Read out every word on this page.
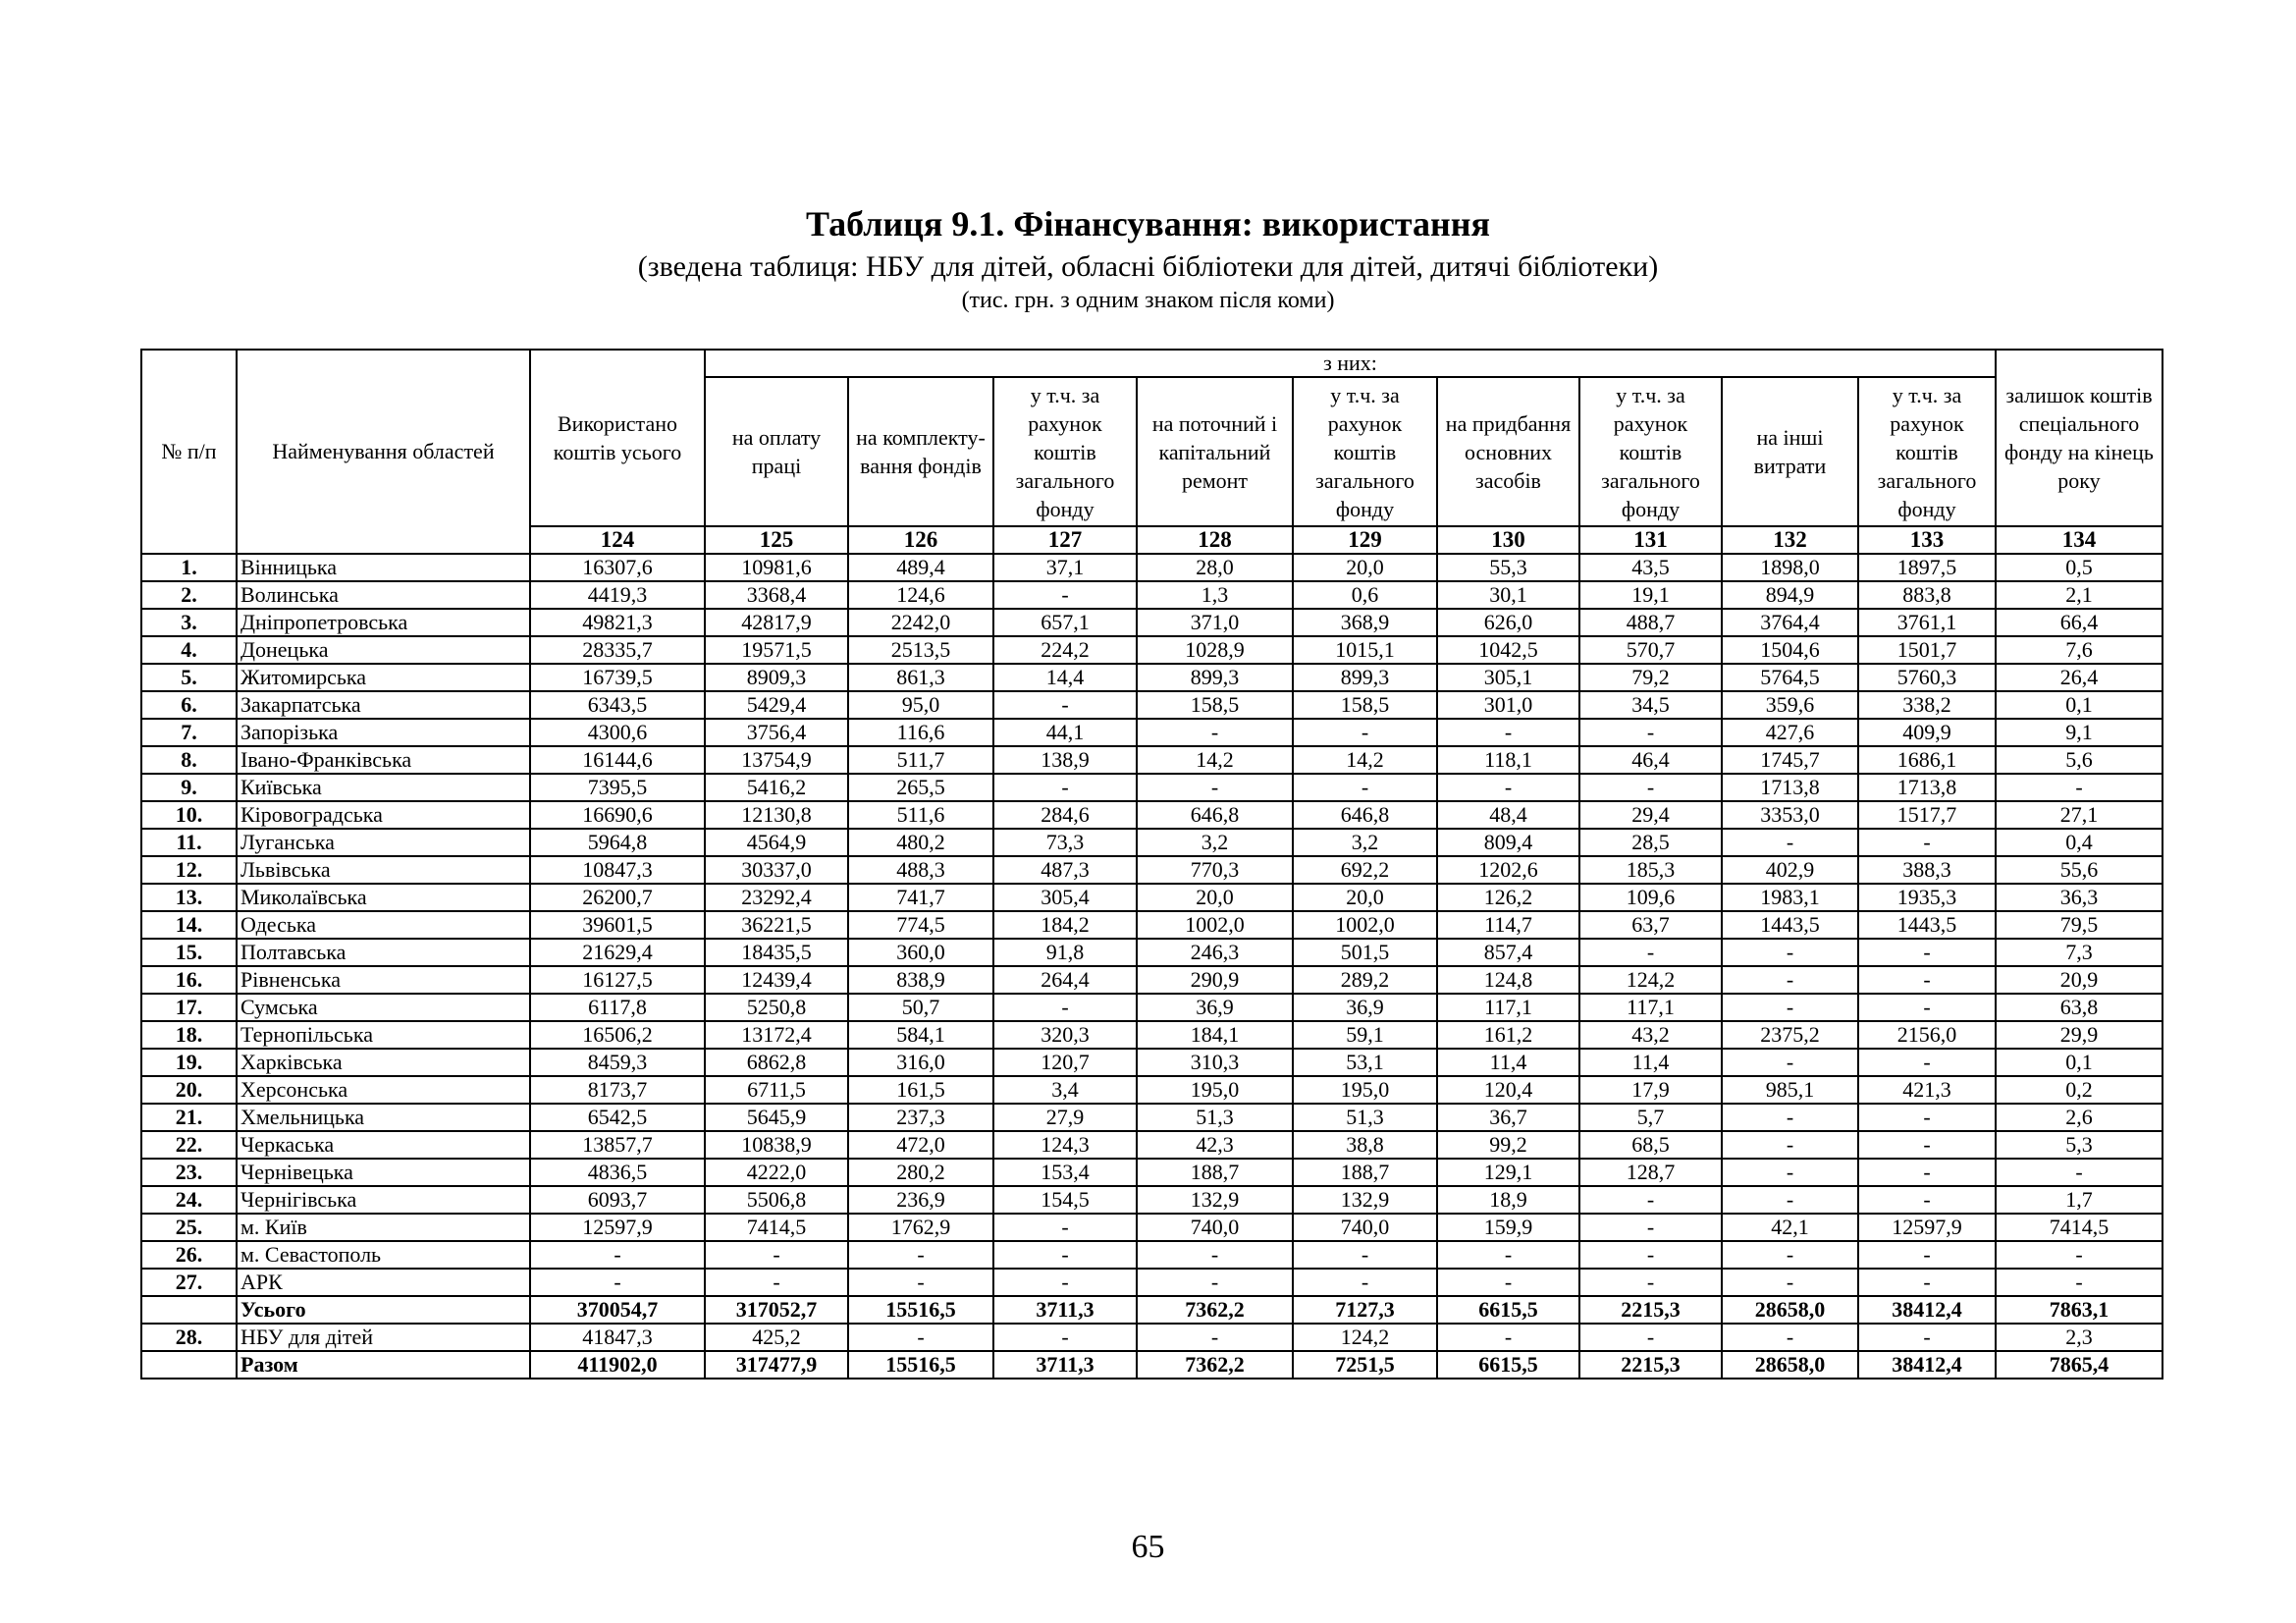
Таблиця 9.1. Фінансування: використання
(зведена таблиця: НБУ для дітей, обласні бібліотеки для дітей, дитячі бібліотеки)
(тис. грн. з одним знаком після коми)
№ п/п	Найменування областей	Використано коштів усього	з них:									залишок коштів спеціального фонду на кінець року
			на оплату праці	на комплекту-вання фондів	у т.ч. за рахунок коштів загального фонду	на поточний і капітальний ремонт	у т.ч. за рахунок коштів загального фонду	на придбання основних засобів	у т.ч. за рахунок коштів загального фонду	на інші витрати	у т.ч. за рахунок коштів загального фонду	
		124	125	126	127	128	129	130	131	132	133	134
1.	Вінницька	16307,6	10981,6	489,4	37,1	28,0	20,0	55,3	43,5	1898,0	1897,5	0,5
2.	Волинська	4419,3	3368,4	124,6	-	1,3	0,6	30,1	19,1	894,9	883,8	2,1
3.	Дніпропетровська	49821,3	42817,9	2242,0	657,1	371,0	368,9	626,0	488,7	3764,4	3761,1	66,4
4.	Донецька	28335,7	19571,5	2513,5	224,2	1028,9	1015,1	1042,5	570,7	1504,6	1501,7	7,6
5.	Житомирська	16739,5	8909,3	861,3	14,4	899,3	899,3	305,1	79,2	5764,5	5760,3	26,4
6.	Закарпатська	6343,5	5429,4	95,0	-	158,5	158,5	301,0	34,5	359,6	338,2	0,1
7.	Запорізька	4300,6	3756,4	116,6	44,1	-	-	-	-	427,6	409,9	9,1
8.	Івано-Франківська	16144,6	13754,9	511,7	138,9	14,2	14,2	118,1	46,4	1745,7	1686,1	5,6
9.	Київська	7395,5	5416,2	265,5	-	-	-	-	-	1713,8	1713,8	-
10.	Кіровоградська	16690,6	12130,8	511,6	284,6	646,8	646,8	48,4	29,4	3353,0	1517,7	27,1
11.	Луганська	5964,8	4564,9	480,2	73,3	3,2	3,2	809,4	28,5	-	-	0,4
12.	Львівська	10847,3	30337,0	488,3	487,3	770,3	692,2	1202,6	185,3	402,9	388,3	55,6
13.	Миколаївська	26200,7	23292,4	741,7	305,4	20,0	20,0	126,2	109,6	1983,1	1935,3	36,3
14.	Одеська	39601,5	36221,5	774,5	184,2	1002,0	1002,0	114,7	63,7	1443,5	1443,5	79,5
15.	Полтавська	21629,4	18435,5	360,0	91,8	246,3	501,5	857,4	-	-	-	7,3
16.	Рівненська	16127,5	12439,4	838,9	264,4	290,9	289,2	124,8	124,2	-	-	20,9
17.	Сумська	6117,8	5250,8	50,7	-	36,9	36,9	117,1	117,1	-	-	63,8
18.	Тернопільська	16506,2	13172,4	584,1	320,3	184,1	59,1	161,2	43,2	2375,2	2156,0	29,9
19.	Харківська	8459,3	6862,8	316,0	120,7	310,3	53,1	11,4	11,4	-	-	0,1
20.	Херсонська	8173,7	6711,5	161,5	3,4	195,0	195,0	120,4	17,9	985,1	421,3	0,2
21.	Хмельницька	6542,5	5645,9	237,3	27,9	51,3	51,3	36,7	5,7	-	-	2,6
22.	Черкаська	13857,7	10838,9	472,0	124,3	42,3	38,8	99,2	68,5	-	-	5,3
23.	Чернівецька	4836,5	4222,0	280,2	153,4	188,7	188,7	129,1	128,7	-	-	-
24.	Чернігівська	6093,7	5506,8	236,9	154,5	132,9	132,9	18,9	-	-	-	1,7
25.	м. Київ	12597,9	7414,5	1762,9	-	740,0	740,0	159,9	-	42,1	12597,9	7414,5
26.	м. Севастополь	-	-	-	-	-	-	-	-	-	-	-
27.	АРК	-	-	-	-	-	-	-	-	-	-	-
	Усього	370054,7	317052,7	15516,5	3711,3	7362,2	7127,3	6615,5	2215,3	28658,0	38412,4	7863,1
28.	НБУ для дітей	41847,3	425,2	-	-	-	124,2	-	-	-	-	2,3
	Разом	411902,0	317477,9	15516,5	3711,3	7362,2	7251,5	6615,5	2215,3	28658,0	38412,4	7865,4
65
